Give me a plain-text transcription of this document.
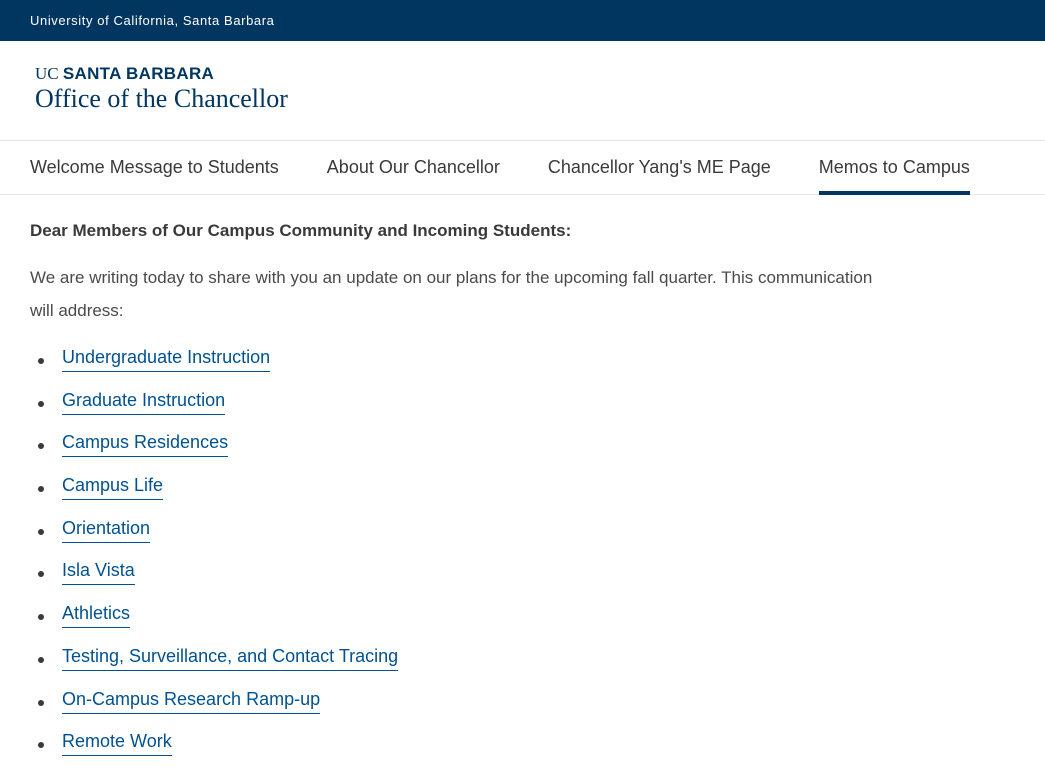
University of California, Santa Barbara
UC SANTA BARBARA
Office of the Chancellor
Welcome Message to Students	About Our Chancellor	Chancellor Yang's ME Page	Memos to Campus

Dear Members of Our Campus Community and Incoming Students:

We are writing today to share with you an update on our plans for the upcoming fall quarter. This communication will address:

Undergraduate Instruction
Graduate Instruction
Campus Residences
Campus Life
Orientation
Isla Vista
Athletics
Testing, Surveillance, and Contact Tracing
On-Campus Research Ramp-up
Remote Work
